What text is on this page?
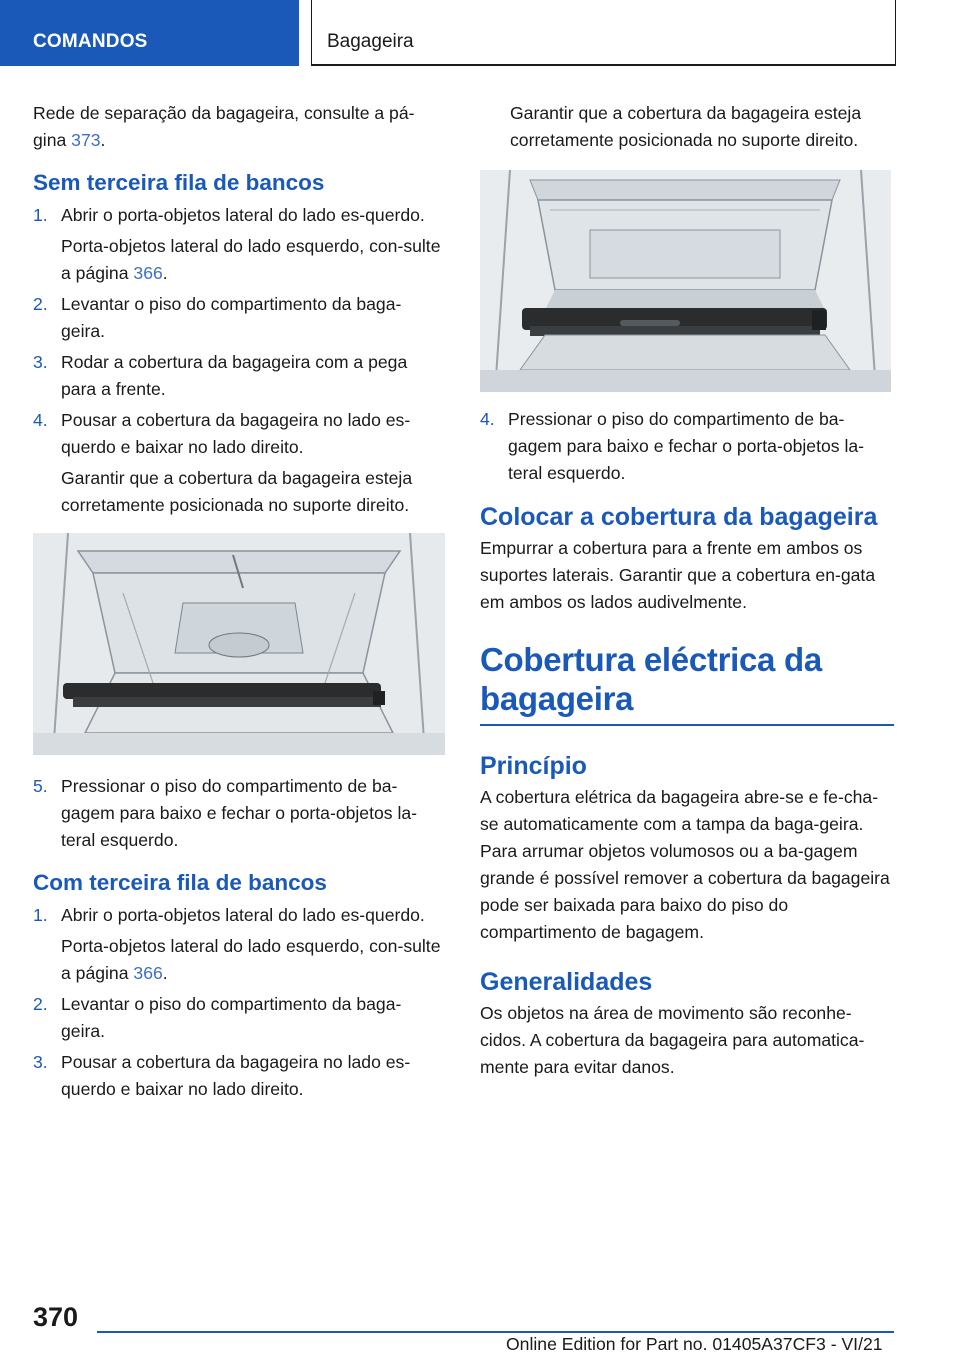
COMANDOS	Bagageira

Rede de separação da bagageira, consulte a pá‐
gina 373.

Sem terceira fila de bancos
1. Abrir o porta-objetos lateral do lado es‐querdo.
Porta-objetos lateral do lado esquerdo, con‐sulte a página 366.
2. Levantar o piso do compartimento da baga‐geira.
3. Rodar a cobertura da bagageira com a pega para a frente.
4. Pousar a cobertura da bagageira no lado es‐querdo e baixar no lado direito.
Garantir que a cobertura da bagageira esteja corretamente posicionada no suporte direito.
5. Pressionar o piso do compartimento de ba‐gagem para baixo e fechar o porta-objetos la‐teral esquerdo.
Com terceira fila de bancos
1. Abrir o porta-objetos lateral do lado es‐querdo.
Porta-objetos lateral do lado esquerdo, con‐sulte a página 366.
2. Levantar o piso do compartimento da baga‐geira.
3. Pousar a cobertura da bagageira no lado es‐querdo e baixar no lado direito.

Garantir que a cobertura da bagageira esteja corretamente posicionada no suporte direito.

4. Pressionar o piso do compartimento de ba‐gagem para baixo e fechar o porta-objetos la‐teral esquerdo.
Colocar a cobertura da bagageira

Empurrar a cobertura para a frente em ambos os suportes laterais. Garantir que a cobertura en‐gata em ambos os lados audivelmente.

Cobertura eléctrica da bagageira
Princípio

A cobertura elétrica da bagageira abre-se e fe‐cha-se automaticamente com a tampa da baga‐geira. Para arrumar objetos volumosos ou a ba‐gagem grande é possível remover a cobertura da bagageira pode ser baixada para baixo do piso do compartimento de bagagem.

Generalidades

Os objetos na área de movimento são reconhe‐cidos. A cobertura da bagageira para automatica‐mente para evitar danos.

370
Online Edition for Part no. 01405A37CF3 - VI/21
